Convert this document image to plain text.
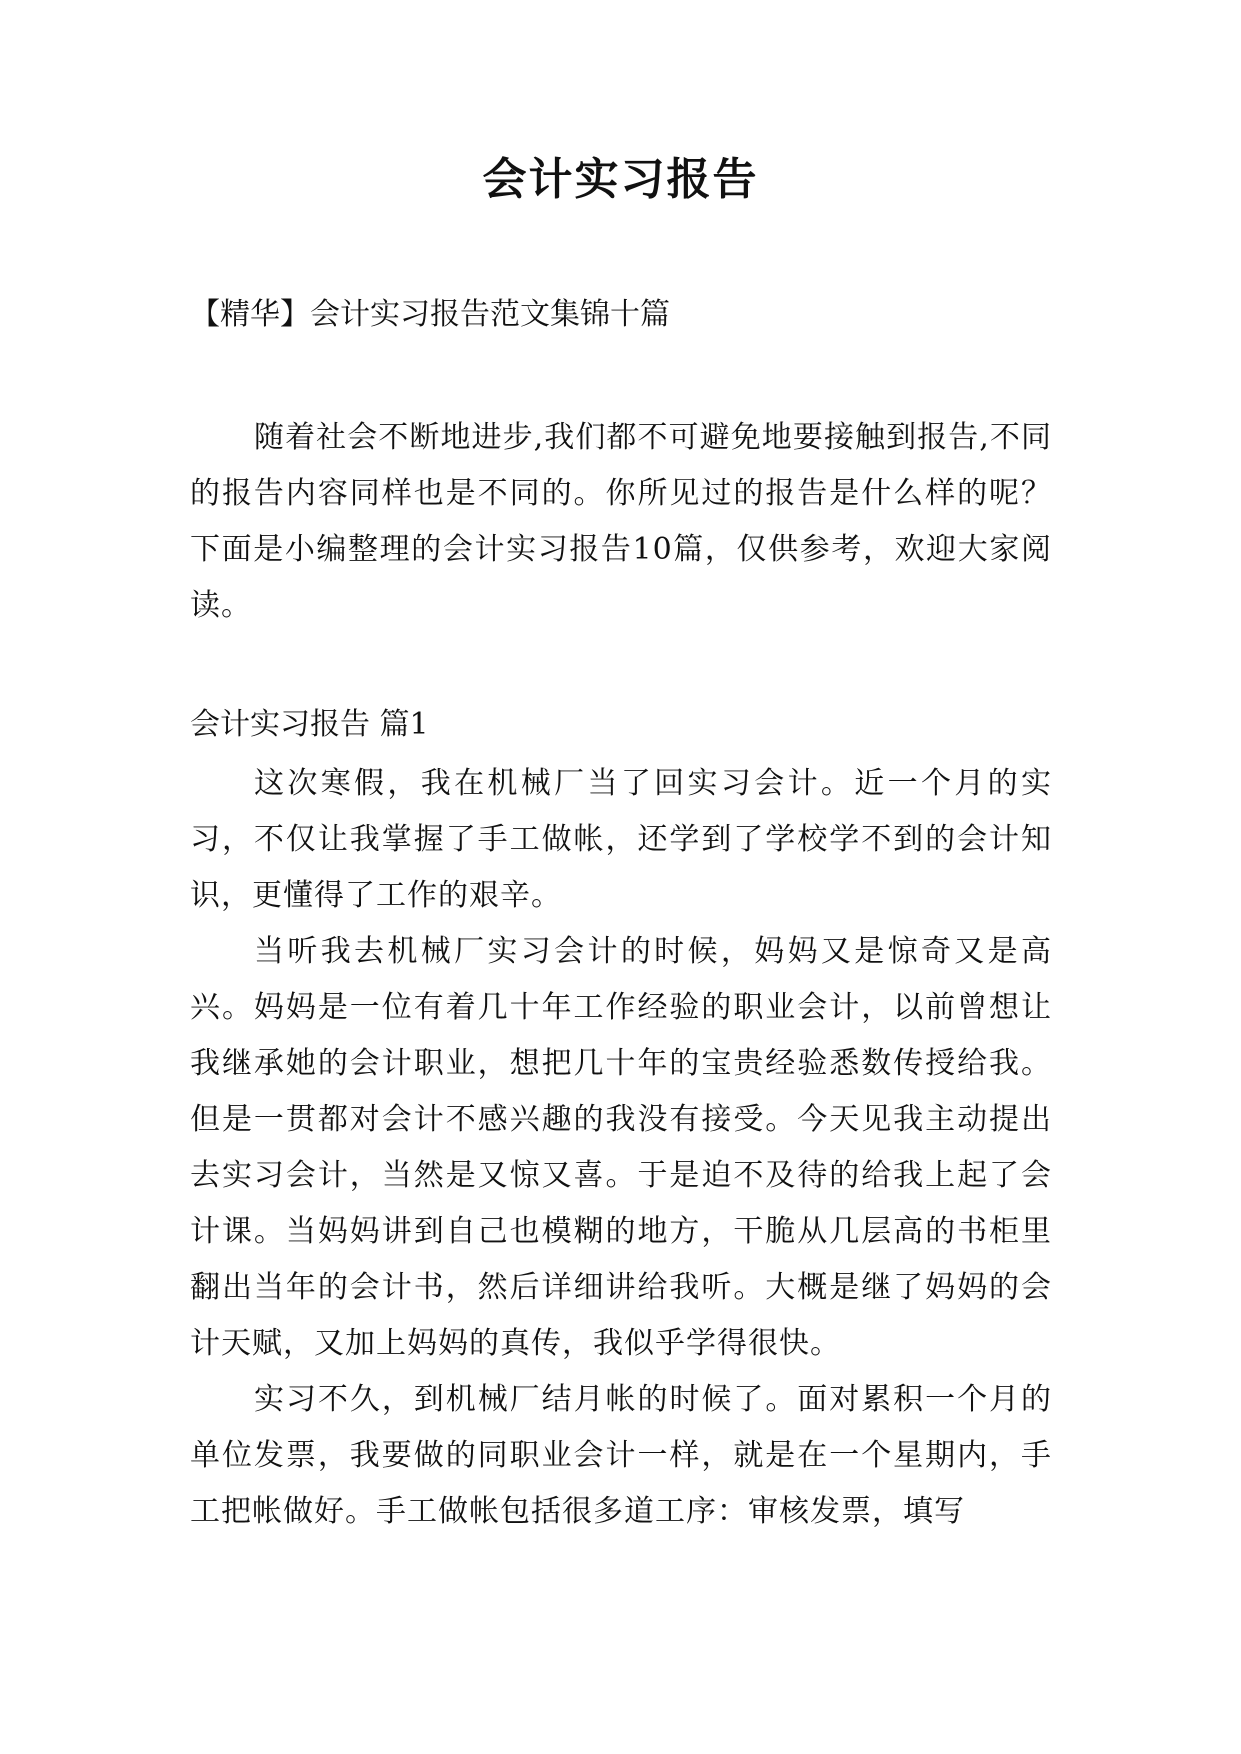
会计实习报告

【精华】会计实习报告范文集锦十篇

随着社会不断地进步,我们都不可避免地要接触到报告,不同的报告内容同样也是不同的。你所见过的报告是什么样的呢？下面是小编整理的会计实习报告10篇，仅供参考，欢迎大家阅读。

会计实习报告 篇1

这次寒假，我在机械厂当了回实习会计。近一个月的实习，不仅让我掌握了手工做帐，还学到了学校学不到的会计知识，更懂得了工作的艰辛。

当听我去机械厂实习会计的时候，妈妈又是惊奇又是高兴。妈妈是一位有着几十年工作经验的职业会计，以前曾想让我继承她的会计职业，想把几十年的宝贵经验悉数传授给我。但是一贯都对会计不感兴趣的我没有接受。今天见我主动提出去实习会计，当然是又惊又喜。于是迫不及待的给我上起了会计课。当妈妈讲到自己也模糊的地方，干脆从几层高的书柜里翻出当年的会计书，然后详细讲给我听。大概是继了妈妈的会计天赋，又加上妈妈的真传，我似乎学得很快。

实习不久，到机械厂结月帐的时候了。面对累积一个月的单位发票，我要做的同职业会计一样，就是在一个星期内，手工把帐做好。手工做帐包括很多道工序：审核发票，填写
